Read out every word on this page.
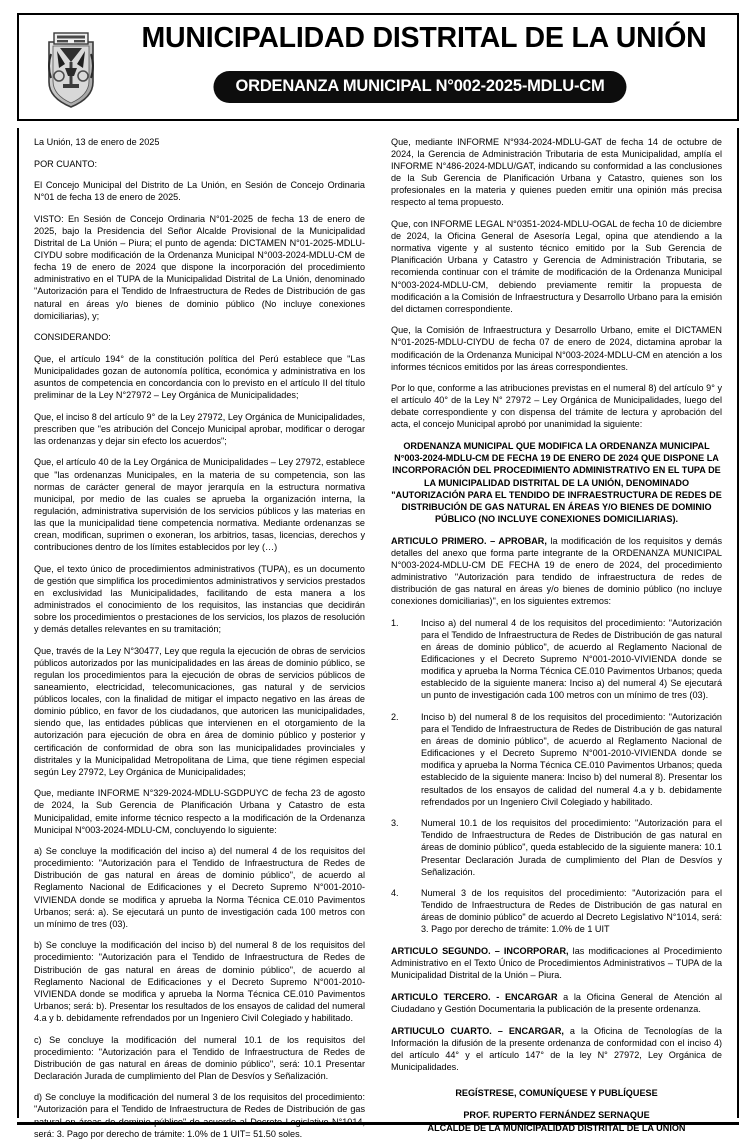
MUNICIPALIDAD DISTRITAL DE LA UNIÓN
ORDENANZA MUNICIPAL N°002-2025-MDLU-CM

La Unión, 13 de enero de 2025

POR CUANTO:

El Concejo Municipal del Distrito de La Unión, en Sesión de Concejo Ordinaria N°01 de fecha 13 de enero de 2025.

VISTO: En Sesión de Concejo Ordinaria N°01-2025 de fecha 13 de enero de 2025, bajo la Presidencia del Señor Alcalde Provisional de la Municipalidad Distrital de La Unión – Piura; el punto de agenda: DICTAMEN N°01-2025-MDLU-CIYDU sobre modificación de la Ordenanza Municipal N°003-2024-MDLU-CM de fecha 19 de enero de 2024 que dispone la incorporación del procedimiento administrativo en el TUPA de la Municipalidad Distrital de La Unión, denominado "Autorización para el Tendido de Infraestructura de Redes de Distribución de gas natural en áreas y/o bienes de dominio público (No incluye conexiones domiciliarias), y;

CONSIDERANDO:

Que, el artículo 194° de la constitución política del Perú establece que "Las Municipalidades gozan de autonomía política, económica y administrativa en los asuntos de competencia en concordancia con lo previsto en el artículo II del título preliminar de la Ley N°27972 – Ley Orgánica de Municipalidades;

Que, el inciso 8 del artículo 9° de la Ley 27972, Ley Orgánica de Municipalidades, prescriben que "es atribución del Concejo Municipal aprobar, modificar o derogar las ordenanzas y dejar sin efecto los acuerdos";

Que, el artículo 40 de la Ley Orgánica de Municipalidades – Ley 27972, establece que "las ordenanzas Municipales, en la materia de su competencia, son las normas de carácter general de mayor jerarquía en la estructura normativa municipal, por medio de las cuales se aprueba la organización interna, la regulación, administrativa supervisión de los servicios públicos y las materias en las que la municipalidad tiene competencia normativa. Mediante ordenanzas se crean, modifican, suprimen o exoneran, los arbitrios, tasas, licencias, derechos y contribuciones dentro de los límites establecidos por ley (…)

Que, el texto único de procedimientos administrativos (TUPA), es un documento de gestión que simplifica los procedimientos administrativos y servicios prestados en exclusividad las Municipalidades, facilitando de esta manera a los administrados el conocimiento de los requisitos, las instancias que decidirán sobre los procedimientos o prestaciones de los servicios, los plazos de resolución y demás detalles relevantes en su tramitación;

Que, través de la Ley N°30477, Ley que regula la ejecución de obras de servicios públicos autorizados por las municipalidades en las áreas de dominio público, se regulan los procedimientos para la ejecución de obras de servicios públicos de saneamiento, electricidad, telecomunicaciones, gas natural y de servicios públicos locales, con la finalidad de mitigar el impacto negativo en las áreas de dominio público, en favor de los ciudadanos, que autoricen las municipalidades, siendo que, las entidades públicas que intervienen en el otorgamiento de la autorización para ejecución de obra en área de dominio público y posterior y certificación de conformidad de obra son las municipalidades provinciales y distritales y la Municipalidad Metropolitana de Lima, que tiene régimen especial según Ley 27972, Ley Orgánica de Municipalidades;

Que, mediante INFORME N°329-2024-MDLU-SGDPUYC de fecha 23 de agosto de 2024, la Sub Gerencia de Planificación Urbana y Catastro de esta Municipalidad, emite informe técnico respecto a la modificación de la Ordenanza Municipal N°003-2024-MDLU-CM, concluyendo lo siguiente:

a) Se concluye la modificación del inciso a) del numeral 4 de los requisitos del procedimiento: "Autorización para el Tendido de Infraestructura de Redes de Distribución de gas natural en áreas de dominio público", de acuerdo al Reglamento Nacional de Edificaciones y el Decreto Supremo N°001-2010-VIVIENDA donde se modifica y aprueba la Norma Técnica CE.010 Pavimentos Urbanos; será: a). Se ejecutará un punto de investigación cada 100 metros con un mínimo de tres (03).

b) Se concluye la modificación del inciso b) del numeral 8 de los requisitos del procedimiento: "Autorización para el Tendido de Infraestructura de Redes de Distribución de gas natural en áreas de dominio público", de acuerdo al Reglamento Nacional de Edificaciones y el Decreto Supremo N°001-2010-VIVIENDA donde se modifica y aprueba la Norma Técnica CE.010 Pavimentos Urbanos; será: b). Presentar los resultados de los ensayos de calidad del numeral 4.a y b. debidamente refrendados por un Ingeniero Civil Colegiado y habilitado.

c) Se concluye la modificación del numeral 10.1 de los requisitos del procedimiento: "Autorización para el Tendido de Infraestructura de Redes de Distribución de gas natural en áreas de dominio público", será: 10.1 Presentar Declaración Jurada de cumplimiento del Plan de Desvíos y Señalización.

d) Se concluye la modificación del numeral 3 de los requisitos del procedimiento: "Autorización para el Tendido de Infraestructura de Redes de Distribución de gas natural en áreas de dominio público" de acuerdo al Decreto Legislativo N°1014, será: 3. Pago por derecho de trámite: 1.0% de 1 UIT= 51.50 soles.

Que, mediante INFORME N°934-2024-MDLU-GAT de fecha 14 de octubre de 2024, la Gerencia de Administración Tributaria de esta Municipalidad, amplía el INFORME N°486-2024-MDLU/GAT, indicando su conformidad a las conclusiones de la Sub Gerencia de Planificación Urbana y Catastro, quienes son los profesionales en la materia y quienes pueden emitir una opinión más precisa respecto al tema propuesto.

Que, con INFORME LEGAL N°0351-2024-MDLU-OGAL de fecha 10 de diciembre de 2024, la Oficina General de Asesoría Legal, opina que atendiendo a la normativa vigente y al sustento técnico emitido por la Sub Gerencia de Planificación Urbana y Catastro y Gerencia de Administración Tributaria, se recomienda continuar con el trámite de modificación de la Ordenanza Municipal N°003-2024-MDLU-CM, debiendo previamente remitir la propuesta de modificación a la Comisión de Infraestructura y Desarrollo Urbano para la emisión del dictamen correspondiente.

Que, la Comisión de Infraestructura y Desarrollo Urbano, emite el DICTAMEN N°01-2025-MDLU-CIYDU de fecha 07 de enero de 2024, dictamina aprobar la modificación de la Ordenanza Municipal N°003-2024-MDLU-CM en atención a los informes técnicos emitidos por las áreas correspondientes.

Por lo que, conforme a las atribuciones previstas en el numeral 8) del artículo 9° y el artículo 40° de la Ley N° 27972 – Ley Orgánica de Municipalidades, luego del debate correspondiente y con dispensa del trámite de lectura y aprobación del acta, el concejo Municipal aprobó por unanimidad la siguiente:

ORDENANZA MUNICIPAL QUE MODIFICA LA ORDENANZA MUNICIPAL N°003-2024-MDLU-CM DE FECHA 19 DE ENERO DE 2024 QUE DISPONE LA INCORPORACIÓN DEL PROCEDIMIENTO ADMINISTRATIVO EN EL TUPA DE LA MUNICIPALIDAD DISTRITAL DE LA UNIÓN, DENOMINADO "AUTORIZACIÓN PARA EL TENDIDO DE INFRAESTRUCTURA DE REDES DE DISTRIBUCIÓN DE GAS NATURAL EN ÁREAS Y/O BIENES DE DOMINIO PÚBLICO (NO INCLUYE CONEXIONES DOMICILIARIAS).

ARTICULO PRIMERO. – APROBAR, la modificación de los requisitos y demás detalles del anexo que forma parte integrante de la ORDENANZA MUNICIPAL N°003-2024-MDLU-CM DE FECHA 19 de enero de 2024, del procedimiento administrativo "Autorización para tendido de infraestructura de redes de distribución de gas natural en áreas y/o bienes de dominio público (no incluye conexiones domiciliarias)", en los siguientes extremos:

1.	Inciso a) del numeral 4 de los requisitos del procedimiento: "Autorización para el Tendido de Infraestructura de Redes de Distribución de gas natural en áreas de dominio público", de acuerdo al Reglamento Nacional de Edificaciones y el Decreto Supremo N°001-2010-VIVIENDA donde se modifica y aprueba la Norma Técnica CE.010 Pavimentos Urbanos; queda establecido de la siguiente manera: Inciso a) del numeral 4) Se ejecutará un punto de investigación cada 100 metros con un mínimo de tres (03).
2.	Inciso b) del numeral 8 de los requisitos del procedimiento: "Autorización para el Tendido de Infraestructura de Redes de Distribución de gas natural en áreas de dominio público", de acuerdo al Reglamento Nacional de Edificaciones y el Decreto Supremo N°001-2010-VIVIENDA donde se modifica y aprueba la Norma Técnica CE.010 Pavimentos Urbanos; queda establecido de la siguiente manera: Inciso b) del numeral 8). Presentar los resultados de los ensayos de calidad del numeral 4.a y b. debidamente refrendados por un Ingeniero Civil Colegiado y habilitado.
3.	Numeral 10.1 de los requisitos del procedimiento: "Autorización para el Tendido de Infraestructura de Redes de Distribución de gas natural en áreas de dominio público", queda establecido de la siguiente manera: 10.1 Presentar Declaración Jurada de cumplimiento del Plan de Desvíos y Señalización.
4.	Numeral 3 de los requisitos del procedimiento: "Autorización para el Tendido de Infraestructura de Redes de Distribución de gas natural en áreas de dominio público" de acuerdo al Decreto Legislativo N°1014, será: 3. Pago por derecho de trámite: 1.0% de 1 UIT

ARTICULO SEGUNDO. – INCORPORAR, las modificaciones al Procedimiento Administrativo en el Texto Único de Procedimientos Administrativos – TUPA de la Municipalidad Distrital de la Unión – Piura.

ARTICULO TERCERO. - ENCARGAR a la Oficina General de Atención al Ciudadano y Gestión Documentaria la publicación de la presente ordenanza.

ARTIUCULO CUARTO. – ENCARGAR, a la Oficina de Tecnologías de la Información la difusión de la presente ordenanza de conformidad con el inciso 4) del artículo 44° y el artículo 147° de la ley N° 27972, Ley Orgánica de Municipalidades.

REGÍSTRESE, COMUNÍQUESE Y PUBLÍQUESE
PROF. RUPERTO FERNÁNDEZ SERNAQUE
ALCALDE DE LA MUNICIPALIDAD DISTRITAL DE LA UNIÓN
